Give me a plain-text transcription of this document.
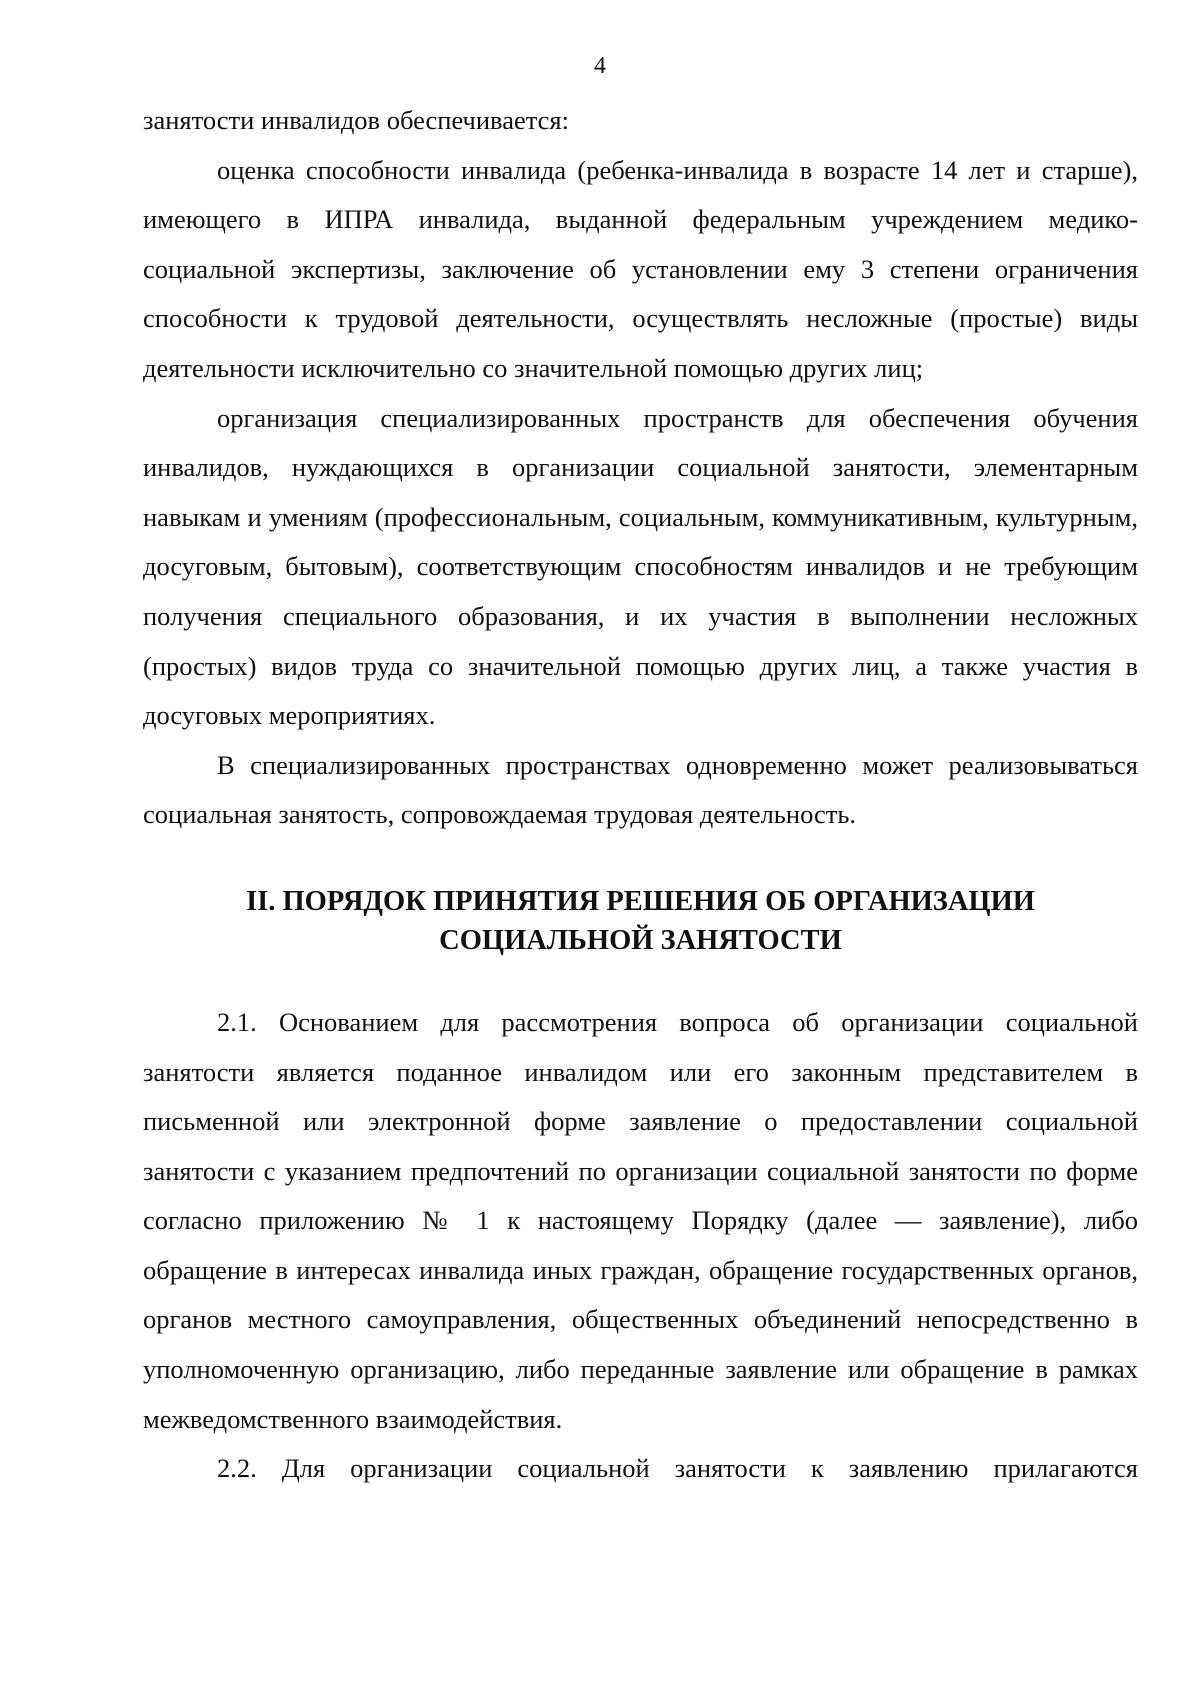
4

занятости инвалидов обеспечивается:

оценка способности инвалида (ребенка-инвалида в возрасте 14 лет и старше), имеющего в ИПРА инвалида, выданной федеральным учреждением медико-социальной экспертизы, заключение об установлении ему 3 степени ограничения способности к трудовой деятельности, осуществлять несложные (простые) виды деятельности исключительно со значительной помощью других лиц;

организация специализированных пространств для обеспечения обучения инвалидов, нуждающихся в организации социальной занятости, элементарным навыкам и умениям (профессиональным, социальным, коммуникативным, культурным, досуговым, бытовым), соответствующим способностям инвалидов и не требующим получения специального образования, и их участия в выполнении несложных (простых) видов труда со значительной помощью других лиц, а также участия в досуговых мероприятиях.

В специализированных пространствах одновременно может реализовываться социальная занятость, сопровождаемая трудовая деятельность.

II. ПОРЯДОК ПРИНЯТИЯ РЕШЕНИЯ ОБ ОРГАНИЗАЦИИ
СОЦИАЛЬНОЙ ЗАНЯТОСТИ

2.1. Основанием для рассмотрения вопроса об организации социальной занятости является поданное инвалидом или его законным представителем в письменной или электронной форме заявление о предоставлении социальной занятости с указанием предпочтений по организации социальной занятости по форме согласно приложению № 1 к настоящему Порядку (далее — заявление), либо обращение в интересах инвалида иных граждан, обращение государственных органов, органов местного самоуправления, общественных объединений непосредственно в уполномоченную организацию, либо переданные заявление или обращение в рамках межведомственного взаимодействия.

2.2. Для организации социальной занятости к заявлению прилагаются
